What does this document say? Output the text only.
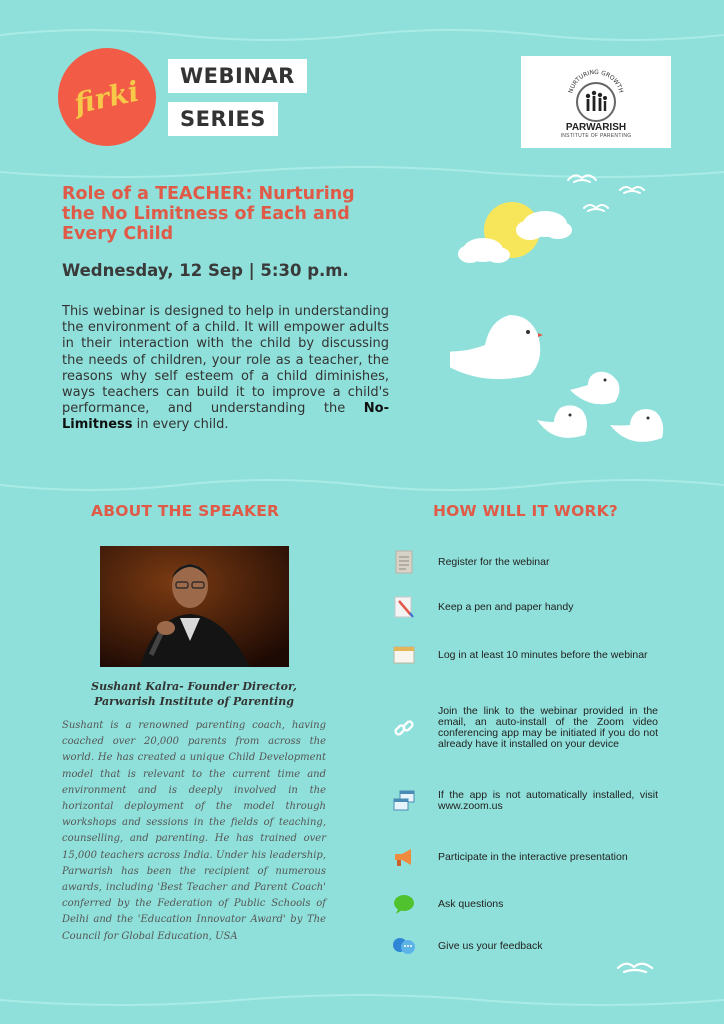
firki	WEBINAR
SERIES
NURTURING GROWTH
PARWARISH
INSTITUTE OF PARENTING
Role of a TEACHER: Nurturing
the No Limitness of Each and
Every Child
Wednesday, 12 Sep | 5:30 p.m.
This webinar is designed to help in understanding the environment of a child. It will empower adults in their interaction with the child by discussing the needs of children, your role as a teacher, the reasons why self esteem of a child diminishes, ways teachers can build it to improve a child's performance, and understanding the No-Limitness in every child.
ABOUT THE SPEAKER	HOW WILL IT WORK?
Sushant Kalra- Founder Director,
Parwarish Institute of Parenting
Sushant is a renowned parenting coach, having coached over 20,000 parents from across the world. He has created a unique Child Development model that is relevant to the current time and environment and is deeply involved in the horizontal deployment of the model through workshops and sessions in the fields of teaching, counselling, and parenting. He has trained over 15,000 teachers across India. Under his leadership, Parwarish has been the recipient of numerous awards, including 'Best Teacher and Parent Coach' conferred by the Federation of Public Schools of Delhi and the 'Education Innovator Award' by The Council for Global Education, USA
Register for the webinar
Keep a pen and paper handy
Log in at least 10 minutes before the webinar
Join the link to the webinar provided in the email, an auto-install of the Zoom video conferencing app may be initiated if you do not already have it installed on your device
If the app is not automatically installed, visit www.zoom.us
Participate in the interactive presentation
Ask questions
Give us your feedback
